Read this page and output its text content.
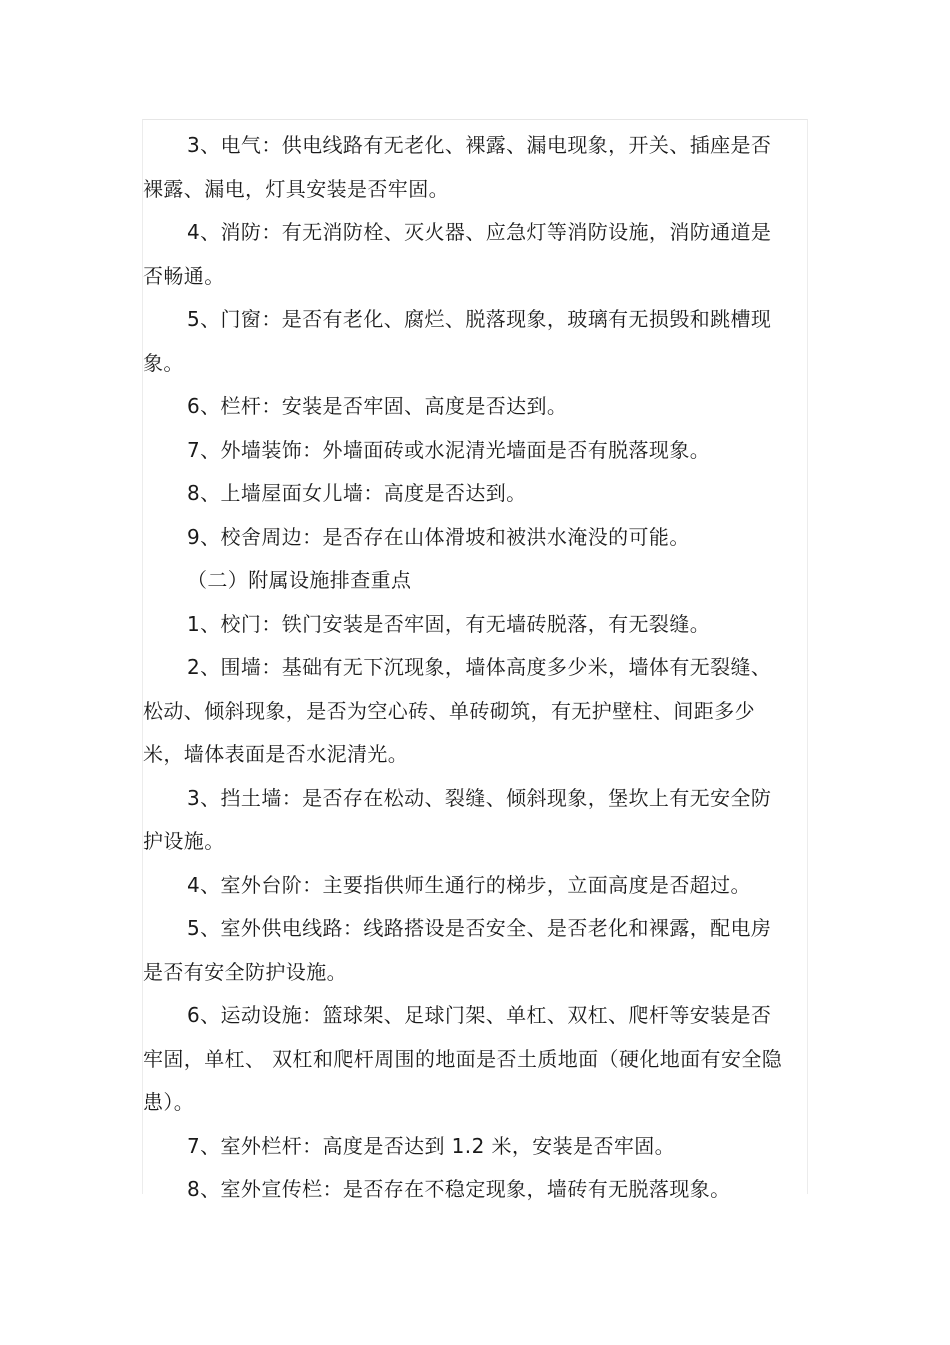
3、电气：供电线路有无老化、裸露、漏电现象，开关、插座是否裸露、漏电，灯具安装是否牢固。

4、消防：有无消防栓、灭火器、应急灯等消防设施，消防通道是否畅通。

5、门窗：是否有老化、腐烂、脱落现象，玻璃有无损毁和跳槽现象。

6、栏杆：安装是否牢固、高度是否达到。

7、外墙装饰：外墙面砖或水泥清光墙面是否有脱落现象。

8、上墙屋面女儿墙：高度是否达到。

9、校舍周边：是否存在山体滑坡和被洪水淹没的可能。

（二）附属设施排查重点

1、校门：铁门安装是否牢固，有无墙砖脱落，有无裂缝。

2、围墙：基础有无下沉现象，墙体高度多少米，墙体有无裂缝、松动、倾斜现象，是否为空心砖、单砖砌筑，有无护壁柱、间距多少米，墙体表面是否水泥清光。

3、挡土墙：是否存在松动、裂缝、倾斜现象，堡坎上有无安全防护设施。

4、室外台阶：主要指供师生通行的梯步，立面高度是否超过。

5、室外供电线路：线路搭设是否安全、是否老化和裸露，配电房是否有安全防护设施。

6、运动设施：篮球架、足球门架、单杠、双杠、爬杆等安装是否牢固，单杠、 双杠和爬杆周围的地面是否土质地面（硬化地面有安全隐患）。

7、室外栏杆：高度是否达到 1.2 米，安装是否牢固。

8、室外宣传栏：是否存在不稳定现象，墙砖有无脱落现象。
